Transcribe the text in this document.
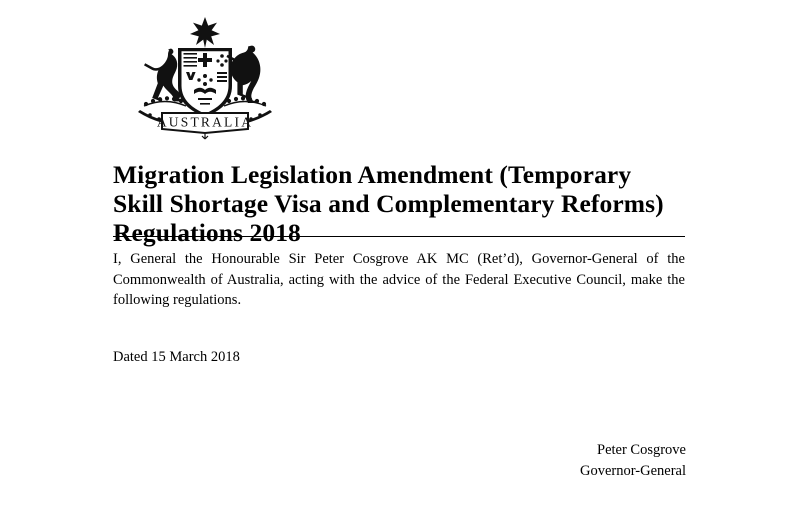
AUSTRALIA
Migration Legislation Amendment (Temporary Skill Shortage Visa and Complementary Reforms) Regulations 2018
I, General the Honourable Sir Peter Cosgrove AK MC (Ret’d), Governor-General of the Commonwealth of Australia, acting with the advice of the Federal Executive Council, make the following regulations.
Dated 15 March 2018
Peter Cosgrove
Governor-General
